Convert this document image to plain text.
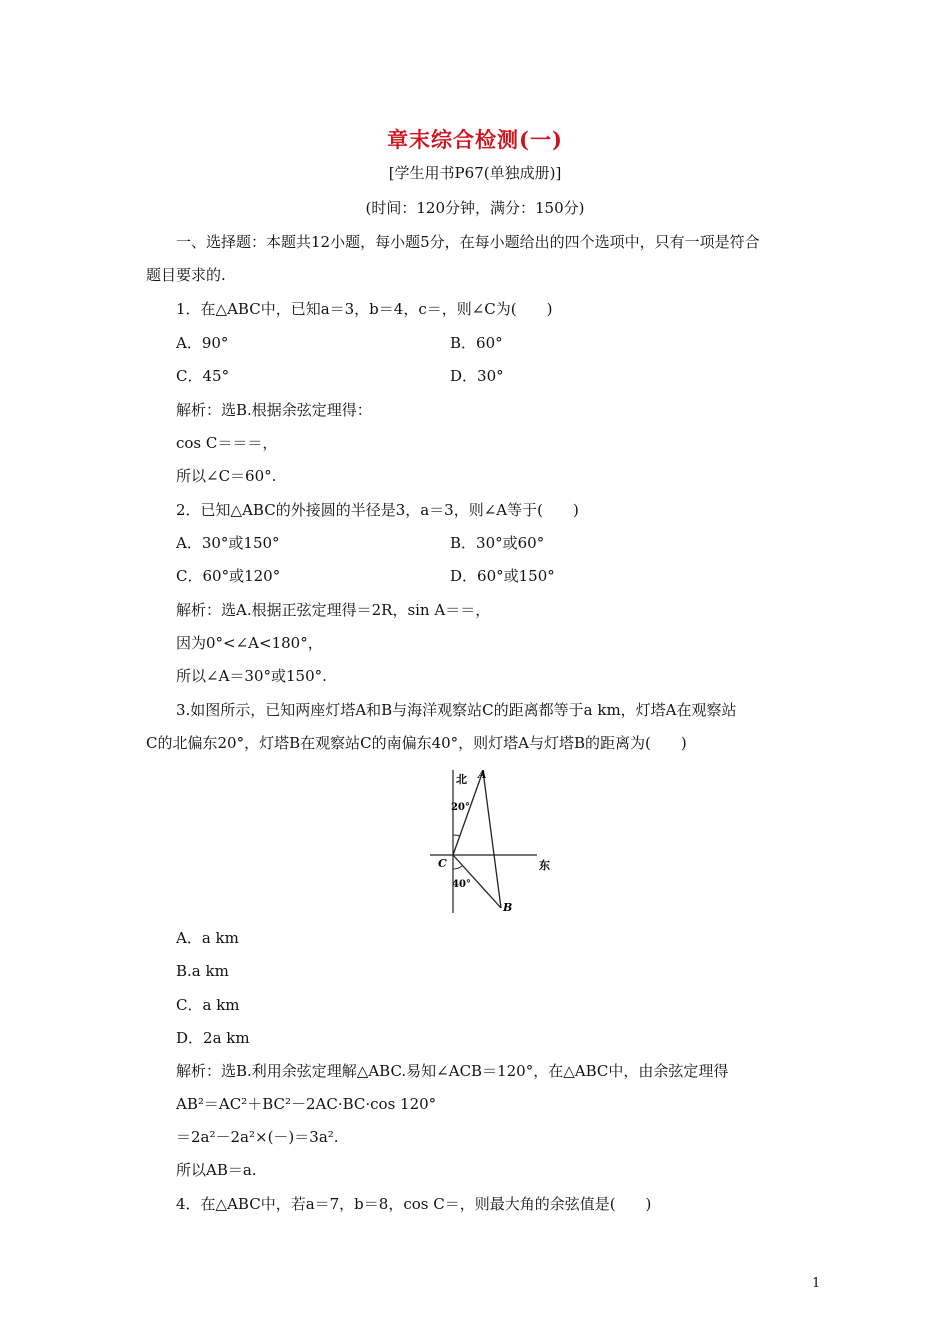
章末综合检测(一)
[学生用书P67(单独成册)]
(时间：120分钟，满分：150分)
一、选择题：本题共12小题，每小题5分，在每小题给出的四个选项中，只有一项是符合
题目要求的.
1．在△ABC中，已知a＝3，b＝4，c＝，则∠C为(　　)
A．90°	B．60°
C．45°	D．30°
解析：选B.根据余弦定理得：
cos C＝＝＝，
所以∠C＝60°.
2．已知△ABC的外接圆的半径是3，a＝3，则∠A等于(　　)
A．30°或150°	B．30°或60°
C．60°或120°	D．60°或150°
解析：选A.根据正弦定理得＝2R，sin A＝＝，
因为0°<∠A<180°，
所以∠A＝30°或150°.
3.如图所示，已知两座灯塔A和B与海洋观察站C的距离都等于a km，灯塔A在观察站
C的北偏东20°，灯塔B在观察站C的南偏东40°，则灯塔A与灯塔B的距离为(　　)
北 A
20°
C
40°
东
B
A．a km
B.a km
C．a km
D．2a km
解析：选B.利用余弦定理解△ABC.易知∠ACB＝120°，在△ABC中，由余弦定理得
AB²＝AC²＋BC²－2AC·BC·cos 120°
＝2a²－2a²×(－)＝3a².
所以AB＝a.
4．在△ABC中，若a＝7，b＝8，cos C＝，则最大角的余弦值是(　　)
1
